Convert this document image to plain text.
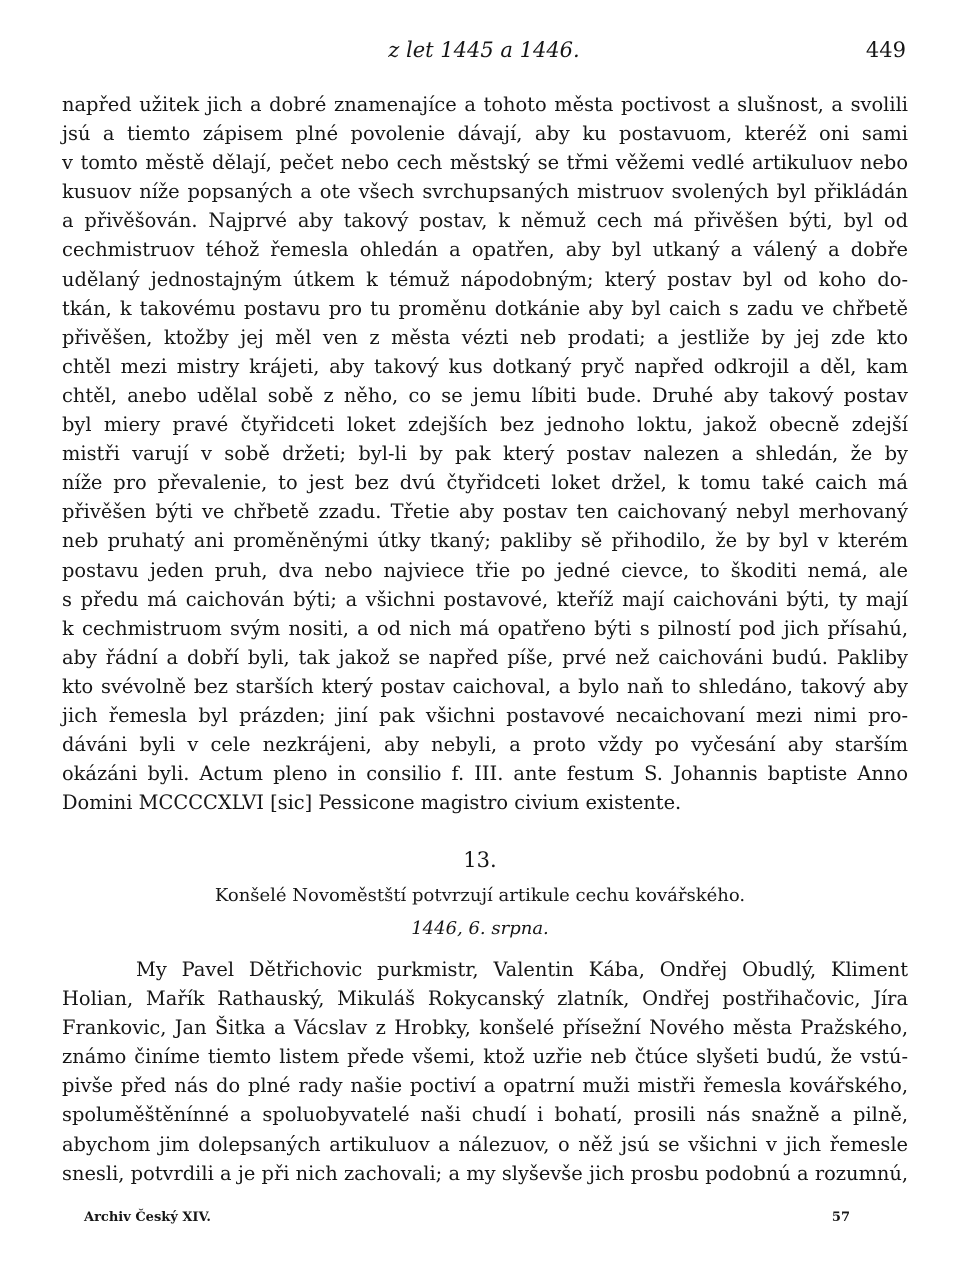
z let 1445 a 1446.	449
napřed užitek jich a dobré znamenajíce a tohoto města poctivost a slušnost, a svolili
jsú a tiemto zápisem plné povolenie dávají, aby ku postavuom, kteréž oni sami
v tomto městě dělají, pečet nebo cech městský se třmi věžemi vedlé artikuluov nebo
kusuov níže popsaných a ote všech svrchupsaných mistruov svolených byl přikládán
a přivěšován. Najprvé aby takový postav, k němuž cech má přivěšen býti, byl od
cechmistruov téhož řemesla ohledán a opatřen, aby byl utkaný a válený a dobře
udělaný jednostajným útkem k témuž nápodobným; který postav byl od koho do-
tkán, k takovému postavu pro tu proměnu dotkánie aby byl caich s zadu ve chřbetě
přivěšen, ktožby jej měl ven z města vézti neb prodati; a jestliže by jej zde kto
chtěl mezi mistry krájeti, aby takový kus dotkaný pryč napřed odkrojil a děl, kam
chtěl, anebo udělal sobě z něho, co se jemu líbiti bude. Druhé aby takový postav
byl miery pravé čtyřidceti loket zdejších bez jednoho loktu, jakož obecně zdejší
mistři varují v sobě držeti; byl-li by pak který postav nalezen a shledán, že by
níže pro převalenie, to jest bez dvú čtyřidceti loket držel, k tomu také caich má
přivěšen býti ve chřbetě zzadu. Třetie aby postav ten caichovaný nebyl merhovaný
neb pruhatý ani proměněnými útky tkaný; pakliby sě přihodilo, že by byl v kterém
postavu jeden pruh, dva nebo najviece třie po jedné cievce, to škoditi nemá, ale
s předu má caichován býti; a všichni postavové, kteříž mají caichováni býti, ty mají
k cechmistruom svým nositi, a od nich má opatřeno býti s pilností pod jich přísahú,
aby řádní a dobří byli, tak jakož se napřed píše, prvé než caichováni budú. Pakliby
kto svévolně bez starších který postav caichoval, a bylo naň to shledáno, takový aby
jich řemesla byl prázden; jiní pak všichni postavové necaichovaní mezi nimi pro-
dáváni byli v cele nezkrájeni, aby nebyli, a proto vždy po vyčesání aby starším
okázáni byli. Actum pleno in consilio f. III. ante festum S. Johannis baptiste Anno
Domini MCCCCXLVI [sic] Pessicone magistro civium existente.
13.
Konšelé Novoměstští potvrzují artikule cechu kovářského.
1446, 6. srpna.
My Pavel Dětřichovic purkmistr, Valentin Kába, Ondřej Obudlý, Kliment
Holian, Mařík Rathauský, Mikuláš Rokycanský zlatník, Ondřej postřihačovic, Jíra
Frankovic, Jan Šitka a Vácslav z Hrobky, konšelé přísežní Nového města Pražského,
známo činíme tiemto listem přede všemi, ktož uzřie neb čtúce slyšeti budú, že vstú-
pivše před nás do plné rady našie poctiví a opatrní muži mistři řemesla kovářského,
spoluměštěnínné a spoluobyvatelé naši chudí i bohatí, prosili nás snažně a pilně,
abychom jim dolepsaných artikuluov a nálezuov, o něž jsú se všichni v jich řemesle
snesli, potvrdili a je při nich zachovali; a my slyševše jich prosbu podobnú a rozumnú,
Archiv Český XIV.	57
